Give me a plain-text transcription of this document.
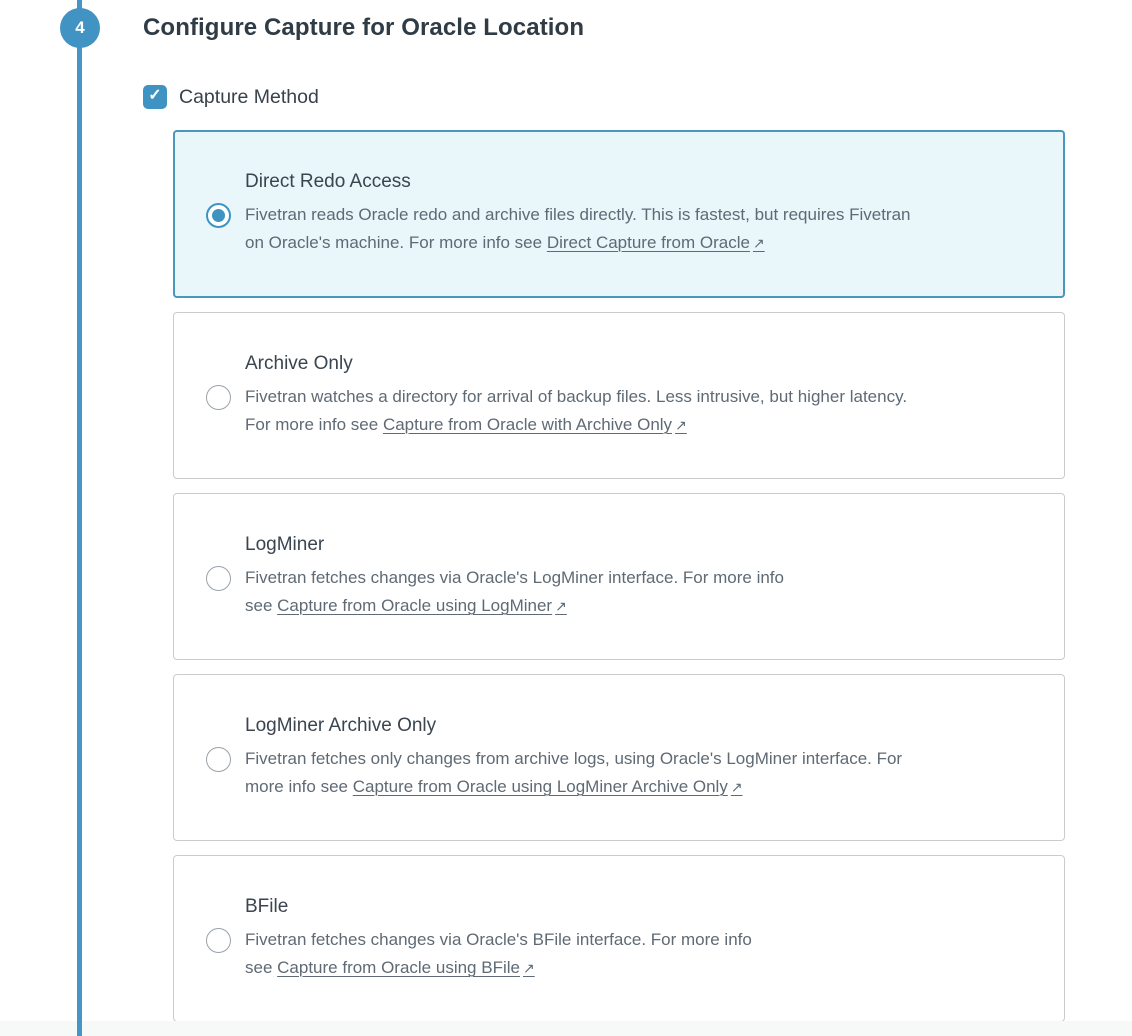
4 Configure Capture for Oracle Location
✓ Capture Method
Direct Redo Access
Fivetran reads Oracle redo and archive files directly. This is fastest, but requires Fivetran
on Oracle's machine. For more info see Direct Capture from Oracle ↗
Archive Only
Fivetran watches a directory for arrival of backup files. Less intrusive, but higher latency.
For more info see Capture from Oracle with Archive Only ↗
LogMiner
Fivetran fetches changes via Oracle's LogMiner interface. For more info
see Capture from Oracle using LogMiner ↗
LogMiner Archive Only
Fivetran fetches only changes from archive logs, using Oracle's LogMiner interface. For
more info see Capture from Oracle using LogMiner Archive Only ↗
BFile
Fivetran fetches changes via Oracle's BFile interface. For more info
see Capture from Oracle using BFile ↗
